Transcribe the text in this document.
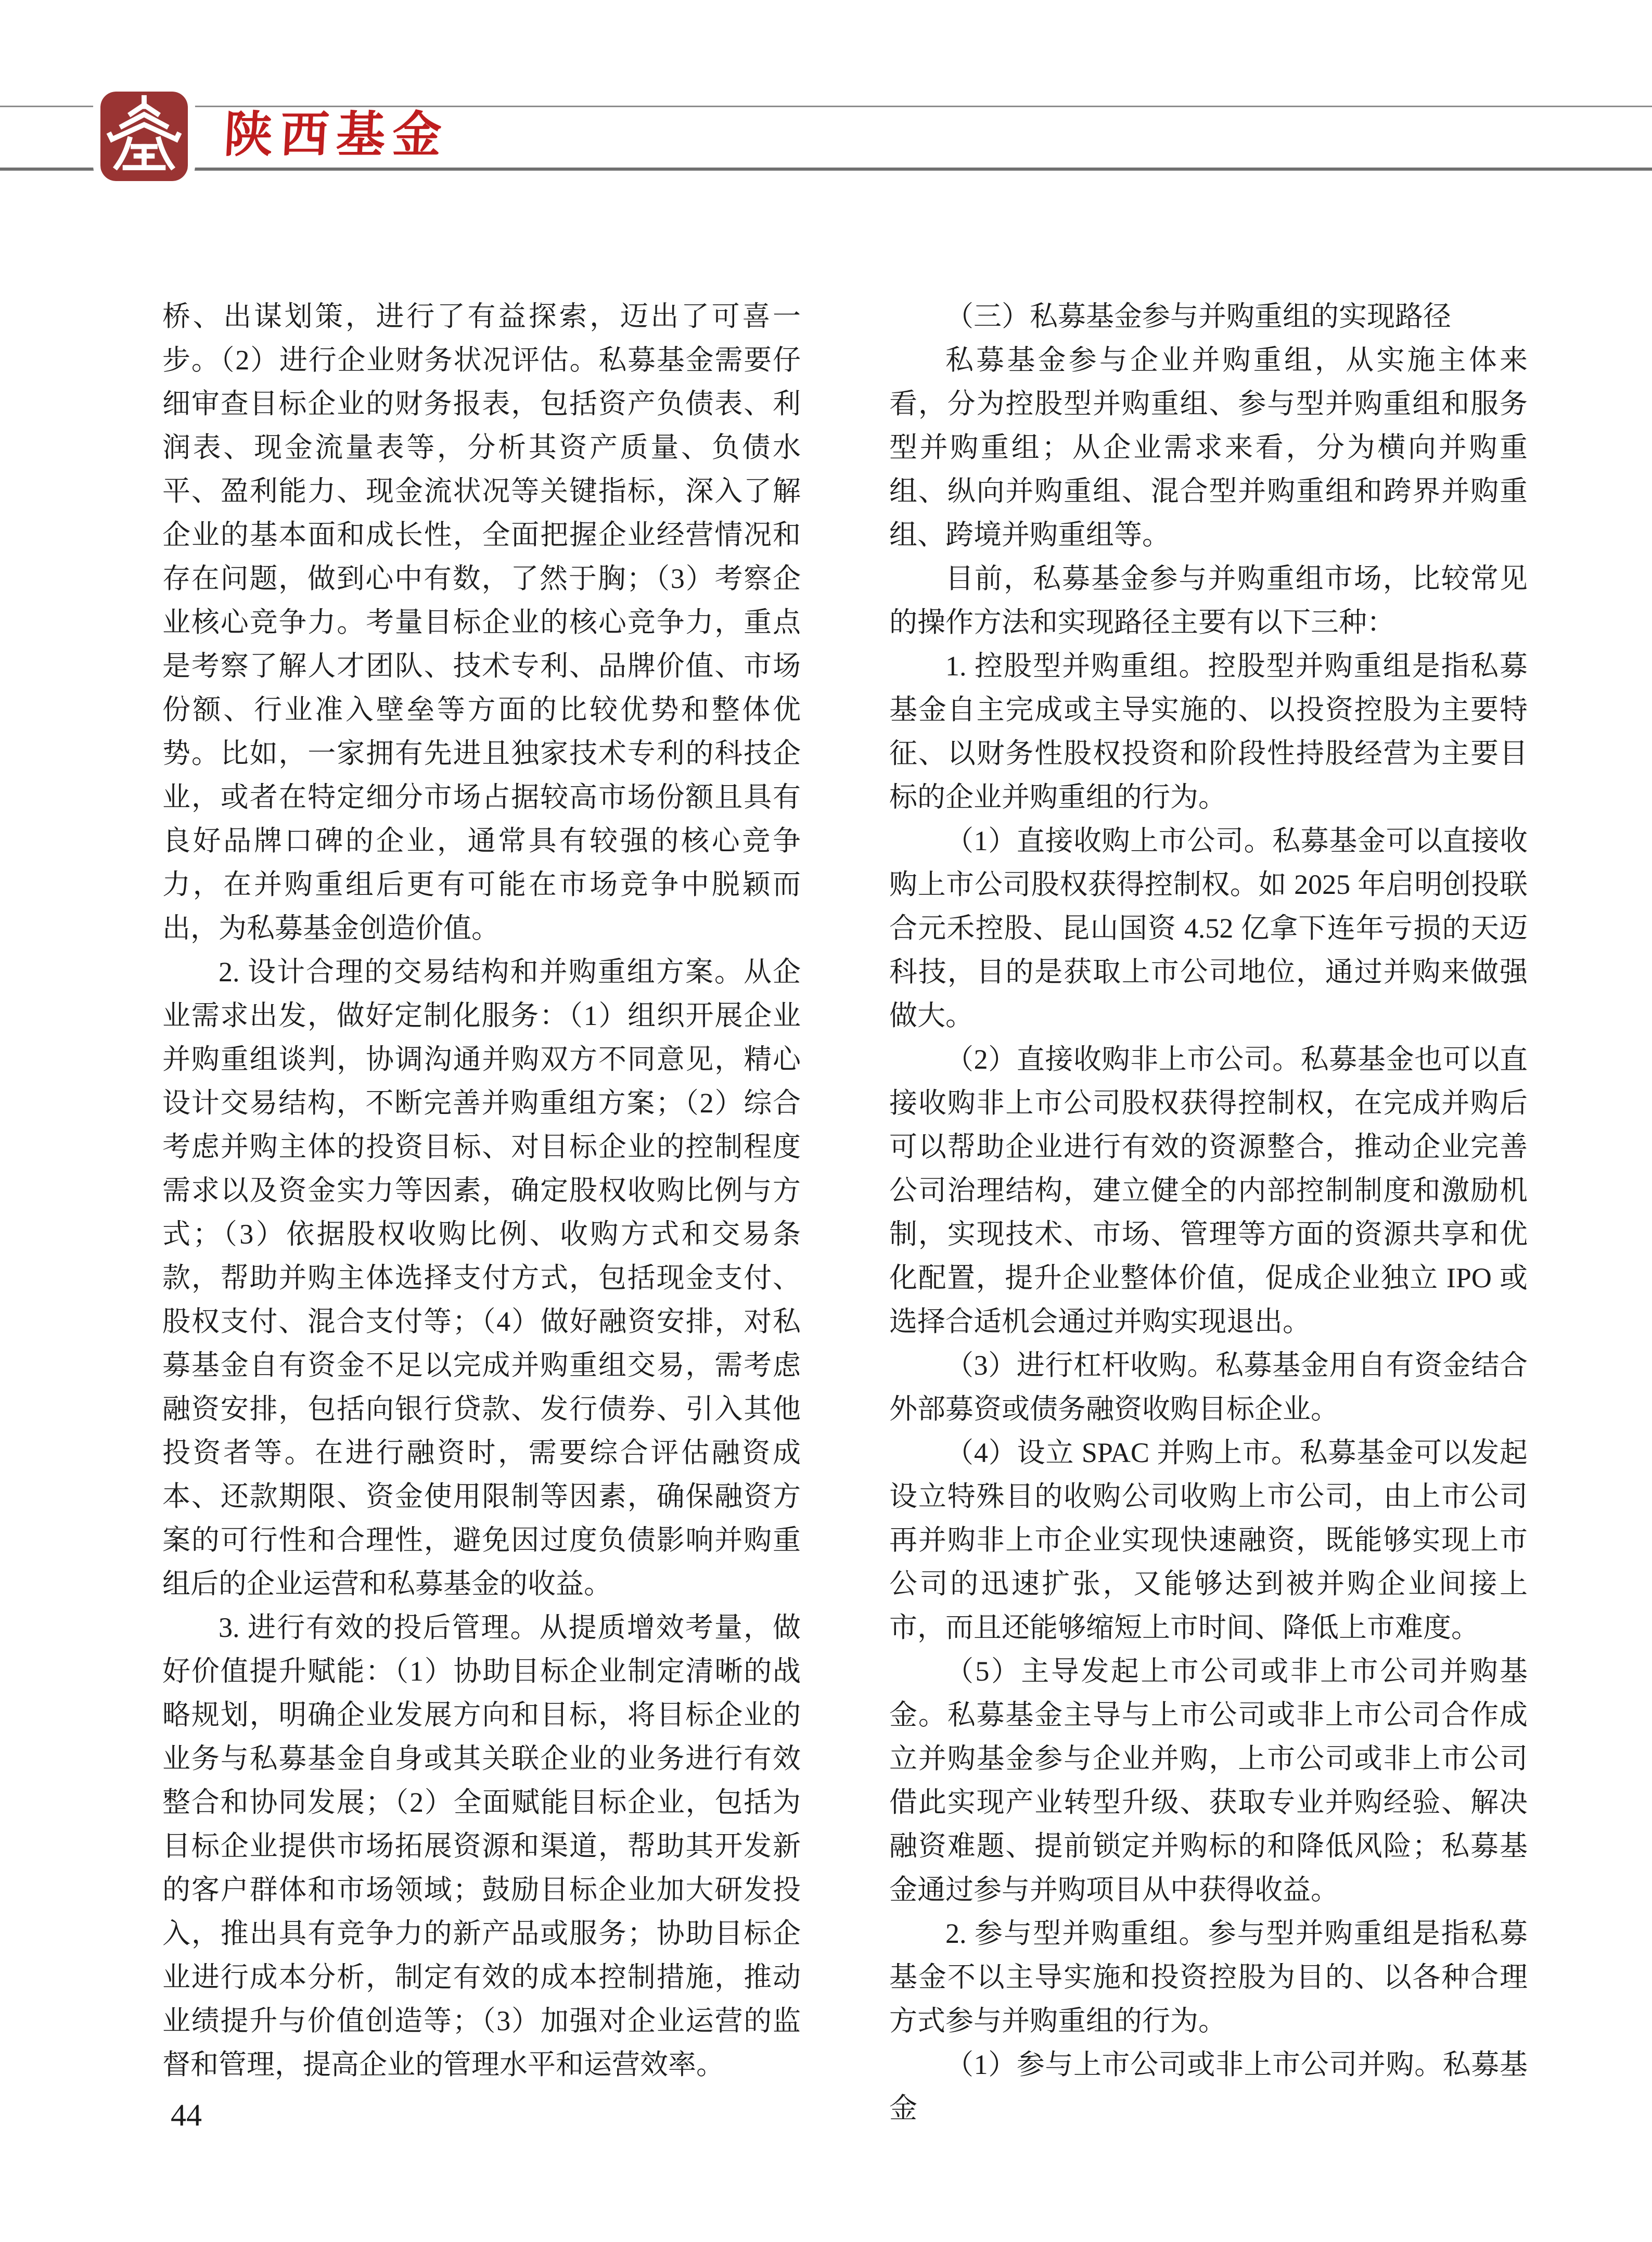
陕西基金

桥、出谋划策，进行了有益探索，迈出了可喜一步。（2）进行企业财务状况评估。私募基金需要仔细审查目标企业的财务报表，包括资产负债表、利润表、现金流量表等，分析其资产质量、负债水平、盈利能力、现金流状况等关键指标，深入了解企业的基本面和成长性，全面把握企业经营情况和存在问题，做到心中有数，了然于胸；（3）考察企业核心竞争力。考量目标企业的核心竞争力，重点是考察了解人才团队、技术专利、品牌价值、市场份额、行业准入壁垒等方面的比较优势和整体优势。比如，一家拥有先进且独家技术专利的科技企业，或者在特定细分市场占据较高市场份额且具有良好品牌口碑的企业，通常具有较强的核心竞争力，在并购重组后更有可能在市场竞争中脱颖而出，为私募基金创造价值。

2. 设计合理的交易结构和并购重组方案。从企业需求出发，做好定制化服务：（1）组织开展企业并购重组谈判，协调沟通并购双方不同意见，精心设计交易结构，不断完善并购重组方案；（2）综合考虑并购主体的投资目标、对目标企业的控制程度需求以及资金实力等因素，确定股权收购比例与方式；（3）依据股权收购比例、收购方式和交易条款，帮助并购主体选择支付方式，包括现金支付、股权支付、混合支付等；（4）做好融资安排，对私募基金自有资金不足以完成并购重组交易，需考虑融资安排，包括向银行贷款、发行债券、引入其他投资者等。在进行融资时，需要综合评估融资成本、还款期限、资金使用限制等因素，确保融资方案的可行性和合理性，避免因过度负债影响并购重组后的企业运营和私募基金的收益。

3. 进行有效的投后管理。从提质增效考量，做好价值提升赋能：（1）协助目标企业制定清晰的战略规划，明确企业发展方向和目标，将目标企业的业务与私募基金自身或其关联企业的业务进行有效整合和协同发展；（2）全面赋能目标企业，包括为目标企业提供市场拓展资源和渠道，帮助其开发新的客户群体和市场领域；鼓励目标企业加大研发投入，推出具有竞争力的新产品或服务；协助目标企业进行成本分析，制定有效的成本控制措施，推动业绩提升与价值创造等；（3）加强对企业运营的监督和管理，提高企业的管理水平和运营效率。

（三）私募基金参与并购重组的实现路径

私募基金参与企业并购重组，从实施主体来看，分为控股型并购重组、参与型并购重组和服务型并购重组；从企业需求来看，分为横向并购重组、纵向并购重组、混合型并购重组和跨界并购重组、跨境并购重组等。

目前，私募基金参与并购重组市场，比较常见的操作方法和实现路径主要有以下三种：

1. 控股型并购重组。控股型并购重组是指私募基金自主完成或主导实施的、以投资控股为主要特征、以财务性股权投资和阶段性持股经营为主要目标的企业并购重组的行为。

（1）直接收购上市公司。私募基金可以直接收购上市公司股权获得控制权。如 2025 年启明创投联合元禾控股、昆山国资 4.52 亿拿下连年亏损的天迈科技，目的是获取上市公司地位，通过并购来做强做大。

（2）直接收购非上市公司。私募基金也可以直接收购非上市公司股权获得控制权，在完成并购后可以帮助企业进行有效的资源整合，推动企业完善公司治理结构，建立健全的内部控制制度和激励机制，实现技术、市场、管理等方面的资源共享和优化配置，提升企业整体价值，促成企业独立 IPO 或选择合适机会通过并购实现退出。

（3）进行杠杆收购。私募基金用自有资金结合外部募资或债务融资收购目标企业。

（4）设立 SPAC 并购上市。私募基金可以发起设立特殊目的收购公司收购上市公司，由上市公司再并购非上市企业实现快速融资，既能够实现上市公司的迅速扩张，又能够达到被并购企业间接上市，而且还能够缩短上市时间、降低上市难度。

（5）主导发起上市公司或非上市公司并购基金。私募基金主导与上市公司或非上市公司合作成立并购基金参与企业并购，上市公司或非上市公司借此实现产业转型升级、获取专业并购经验、解决融资难题、提前锁定并购标的和降低风险；私募基金通过参与并购项目从中获得收益。

2. 参与型并购重组。参与型并购重组是指私募基金不以主导实施和投资控股为目的、以各种合理方式参与并购重组的行为。

（1）参与上市公司或非上市公司并购。私募基金

44
